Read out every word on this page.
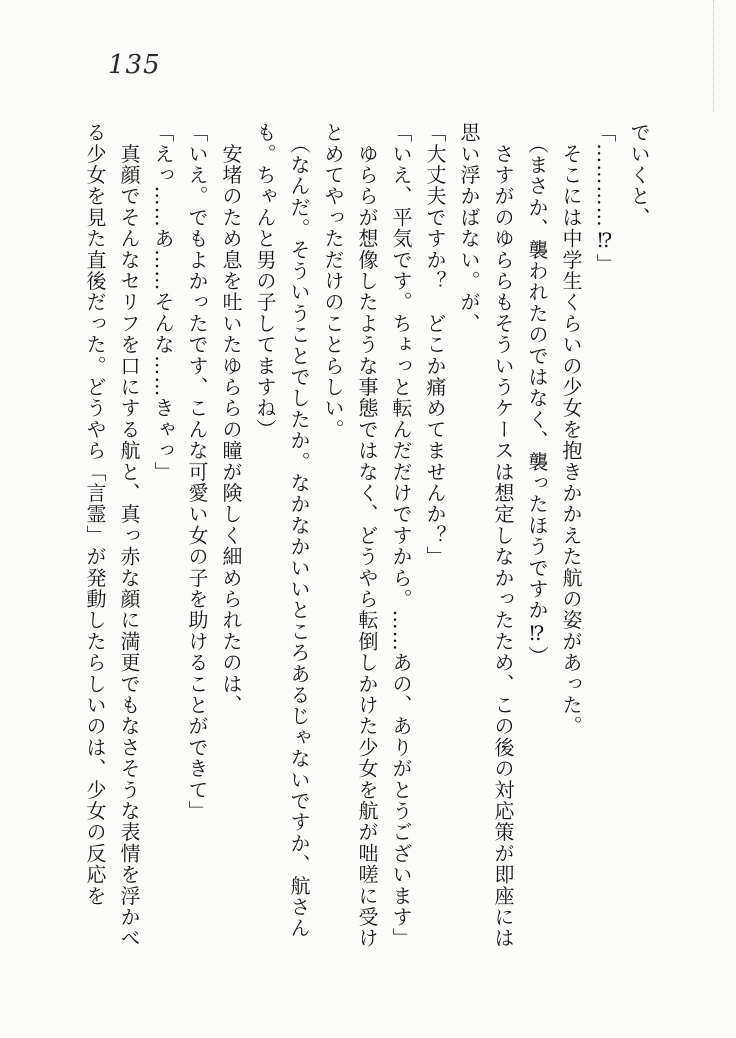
135

でいくと、

「…………⁉」

　そこには中学生くらいの少女を抱きかかえた航の姿があった。

　（まさか、襲われたのではなく、襲ったほうですか⁉）

　さすがのゆららもそういうケースは想定しなかったため、この後の対応策が即座には思い浮かばない。が、

「大丈夫ですか？　どこか痛めてませんか？」

「いえ、平気です。ちょっと転んだだけですから。……あの、ありがとうございます」

　ゆららが想像したような事態ではなく、どうやら転倒しかけた少女を航が咄嗟に受けとめてやっただけのことらしい。

　（なんだ。そういうことでしたか。なかなかいいところあるじゃないですか、航さんも。ちゃんと男の子してますね）

　安堵のため息を吐いたゆららの瞳が険しく細められたのは、

「いえ。でもよかったです、こんな可愛い女の子を助けることができて」

「えっ……あ……そんな……きゃっ」

　真顔でそんなセリフを口にする航と、真っ赤な顔に満更でもなさそうな表情を浮かべる少女を見た直後だった。どうやら「言霊」が発動したらしいのは、少女の反応を
